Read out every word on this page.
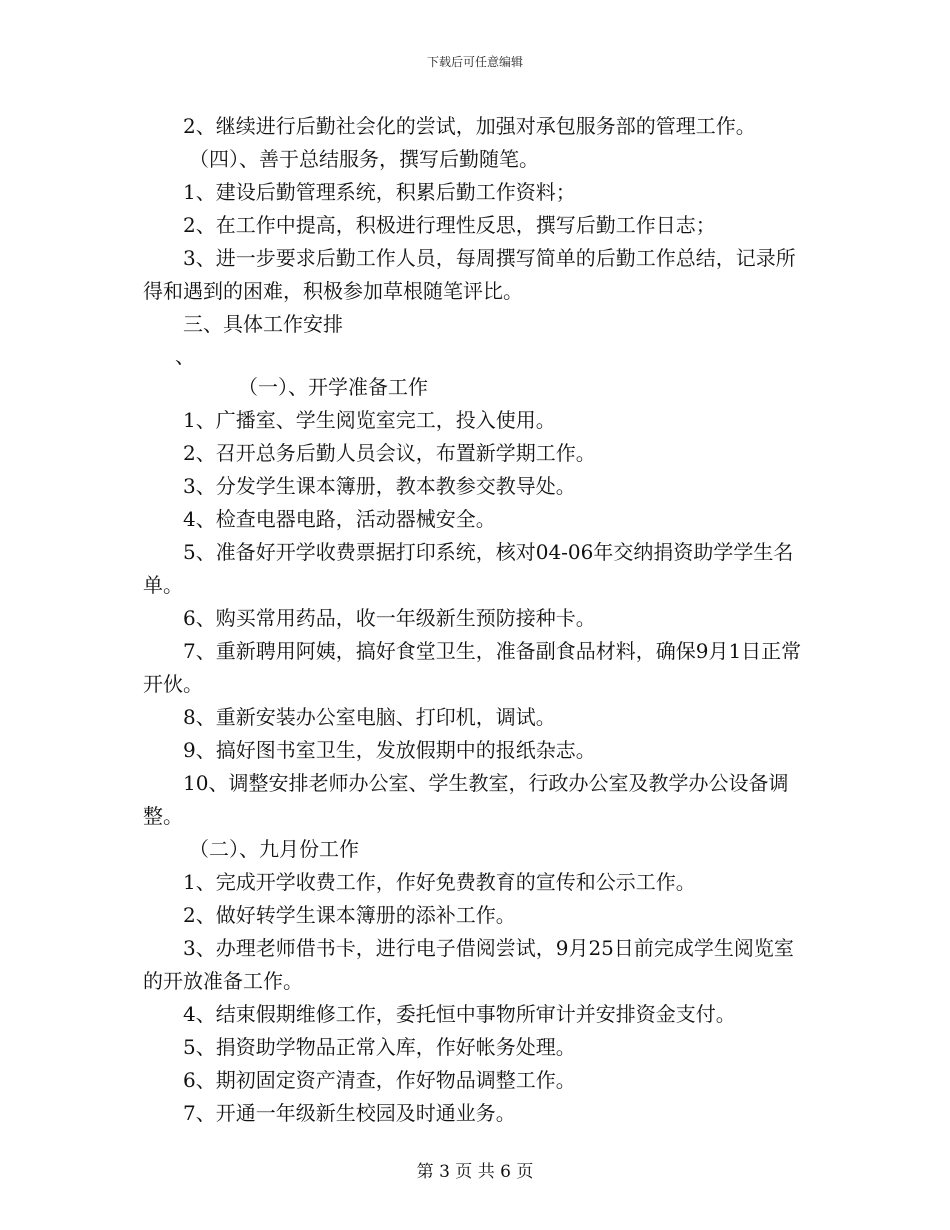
下载后可任意编辑

2、继续进行后勤社会化的尝试，加强对承包服务部的管理工作。

（四）、善于总结服务，撰写后勤随笔。

1、建设后勤管理系统，积累后勤工作资料；

2、在工作中提高，积极进行理性反思，撰写后勤工作日志；

3、进一步要求后勤工作人员，每周撰写简单的后勤工作总结，记录所得和遇到的困难，积极参加草根随笔评比。

三、具体工作安排

、

（一）、开学准备工作

1、广播室、学生阅览室完工，投入使用。

2、召开总务后勤人员会议，布置新学期工作。

3、分发学生课本簿册，教本教参交教导处。

4、检查电器电路，活动器械安全。

5、准备好开学收费票据打印系统，核对04-06年交纳捐资助学学生名单。

6、购买常用药品，收一年级新生预防接种卡。

7、重新聘用阿姨，搞好食堂卫生，准备副食品材料，确保9月1日正常开伙。

8、重新安装办公室电脑、打印机，调试。

9、搞好图书室卫生，发放假期中的报纸杂志。

10、调整安排老师办公室、学生教室，行政办公室及教学办公设备调整。

（二）、九月份工作

1、完成开学收费工作，作好免费教育的宣传和公示工作。

2、做好转学生课本簿册的添补工作。

3、办理老师借书卡，进行电子借阅尝试，9月25日前完成学生阅览室的开放准备工作。

4、结束假期维修工作，委托恒中事物所审计并安排资金支付。

5、捐资助学物品正常入库，作好帐务处理。

6、期初固定资产清查，作好物品调整工作。

7、开通一年级新生校园及时通业务。

第 3 页 共 6 页
